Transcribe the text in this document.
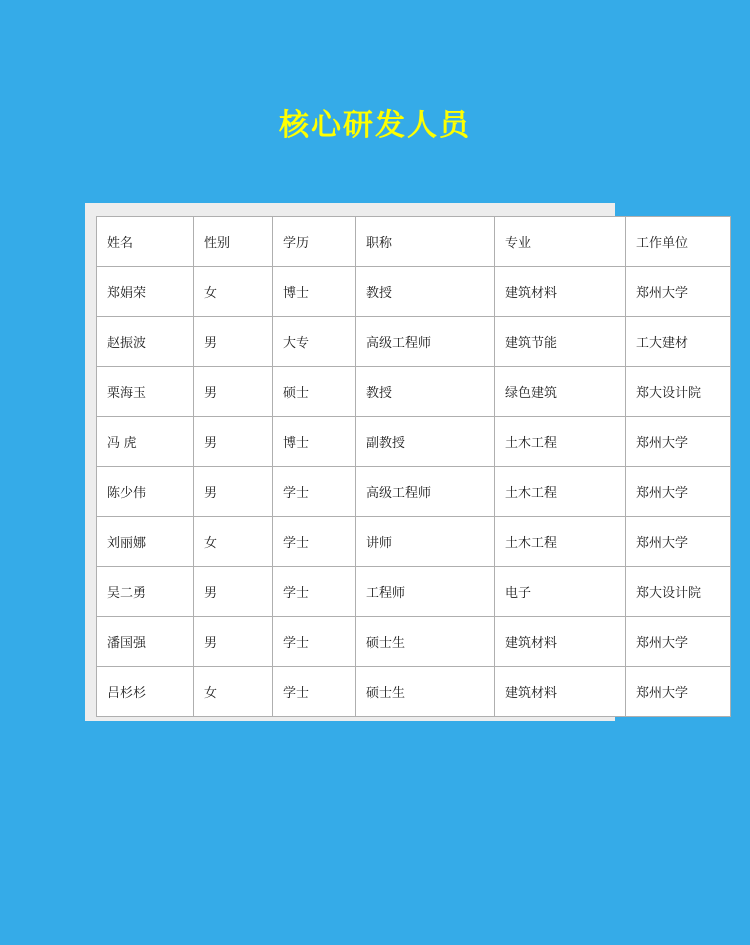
核心研发人员
姓名	性别	学历	职称	专业	工作单位
郑娟荣	女	博士	教授	建筑材料	郑州大学
赵振波	男	大专	高级工程师	建筑节能	工大建材
栗海玉	男	硕士	教授	绿色建筑	郑大设计院
冯 虎	男	博士	副教授	土木工程	郑州大学
陈少伟	男	学士	高级工程师	土木工程	郑州大学
刘丽娜	女	学士	讲师	土木工程	郑州大学
吴二勇	男	学士	工程师	电子	郑大设计院
潘国强	男	学士	硕士生	建筑材料	郑州大学
吕杉杉	女	学士	硕士生	建筑材料	郑州大学
